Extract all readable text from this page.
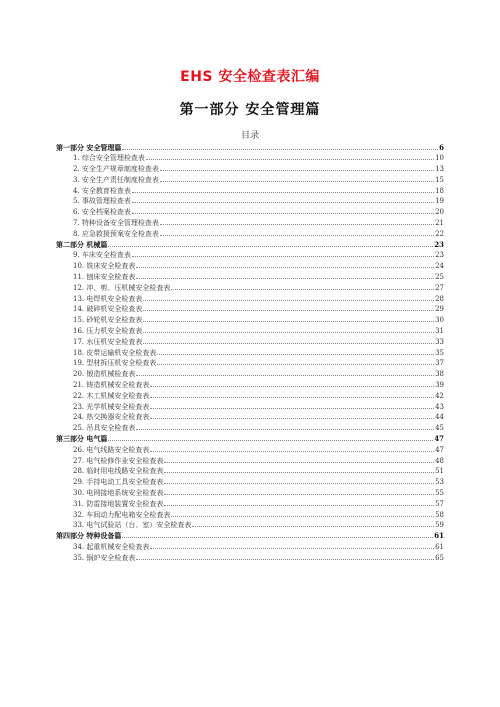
EHS 安全检查表汇编
第一部分 安全管理篇
目录
第一部分 安全管理篇	6
1. 综合安全管理检查表	10
2. 安全生产规章制度检查表	13
3. 安全生产责任制度检查表	15
4. 安全教育检查表	18
5. 事故管理检查表	19
6. 安全档案检查表	20
7. 特种设备安全管理检查表	21
8. 应急救援预案安全检查表	22
第二部分 机械篇	23
9. 车床安全检查表	23
10. 铣床安全检查表	24
11. 刨床安全检查表	25
12. 冲、剪、压机械安全检查表	27
13. 电焊机安全检查表	28
14. 破碎机安全检查表	29
15. 砂轮机安全检查表	30
16. 压力机安全检查表	31
17. 水压机安全检查表	33
18. 皮带运输机安全检查表	35
19. 型材拆压机安全检查表	37
20. 锻造机械检查表	38
21. 铸造机械安全检查表	39
22. 木工机械安全检查表	42
23. 光学机械安全检查表	43
24. 热交换器安全检查表	44
25. 吊具安全检查表	45
第三部分 电气篇	47
26. 电气线路安全检查表	47
27. 电气检修作业安全检查表	48
28. 临时用电线路安全检查表	51
29. 手持电动工具安全检查表	53
30. 电网接地系统安全检查表	55
31. 防雷接地装置安全检查表	57
32. 车间动力配电箱安全检查表	58
33. 电气试验站（台、室）安全检查表	59
第四部分 特种设备篇	61
34. 起重机械安全检查表	61
35. 锅炉安全检查表	65
